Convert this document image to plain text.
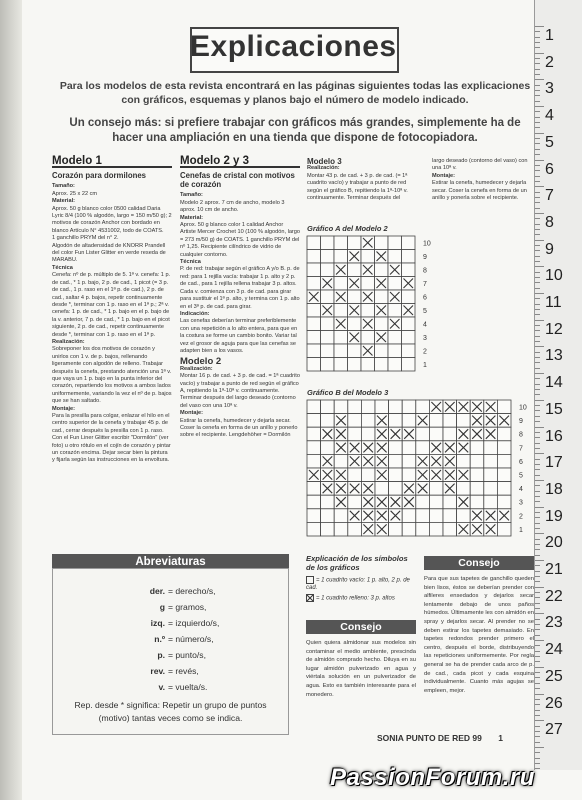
1
2
3
4
5
6
7
8
9
10
11
12
13
14
15
16
17
18
19
20
21
22
23
24
25
26
27
Explicaciones
Para los modelos de esta revista encontrará en las páginas siguientes todas las explicaciones con gráficos, esquemas y planos bajo el número de modelo indicado.
Un consejo más: si prefiere trabajar con gráficos más grandes, simplemente ha de hacer una ampliación en una tienda que dispone de fotocopiadora.
Modelo 1
Corazón para dormilones
Tamaño:
Aprox. 25 x 22 cm
Material:
Aprox. 50 g blanco color 0500 calidad Daria Lyric 8/4 (100 % algodón, largo = 150 m/50 g); 2 motivos de corazón Anchor con bordado en blanco Artículo N° 4531002, todo de COATS.
1 ganchillo PRYM del n° 2.
Algodón de altadensidad de KNORR Prandell del color Fun Lister Glitter en verde reseda de MARABU.
Técnica
Cenefa: nº de p. múltiplo de 5. 1ª v. cenefa: 1 p. de cad., * 1 p. bajo, 2 p. de cad., 1 picot (= 3 p. de cad., 1 p. raso en el 1ª p. de cad.), 2 p. de cad., saltar 4 p. bajos, repetir continuamente desde *, terminar con 1 p. raso en el 1ª p.; 2ª v. cenefa: 1 p. de cad., * 1 p. bajo en el p. bajo de la v. anterior, 7 p. de cad., * 1 p. bajo en el picot siguiente, 2 p. de cad., repetir continuamente desde *, terminar con 1 p. raso en el 1ª p.
Realización:
Sobreponer los dos motivos de corazón y unirlos con 1 v. de p. bajos, rellenando ligeramente con algodón de relleno. Trabajar después la cenefa, prestando atención una 1ª v. que vaya un 1 p. bajo en la punta inferior del corazón, repartiendo los motivos a ambos lados uniformemente, variando la vez el nº de p. bajos que se han saltado.
Montaje:
Para la presilla para colgar, enlazar el hilo en el centro superior de la cenefa y trabajar 45 p. de cad., cerrar después la presilla con 1 p. raso. Con el Fun Liner Glitter escribir "Dormilón" (ver foto) u otro rótulo en el cojín de corazón y pintar un corazón encima. Dejar secar bien la pintura y fijarla según las instrucciones en la envoltura.
Modelo 2 y 3
Cenefas de cristal con motivos de corazón
Tamaño:
Modelo 2 aprox. 7 cm de ancho, modelo 3 aprox. 10 cm de ancho.
Material:
Aprox. 50 g blanco color 1 calidad Anchor Artiste Mercer Crochet 10 (100 % algodón, largo = 273 m/50 g) de COATS. 1 ganchillo PRYM del nº 1,25. Recipiente cilíndrico de vidrio de cualquier contorno.
Técnica
P. de red: trabajar según el gráfico A y/o B. p. de red: para 1 rejilla vacía: trabajar 1 p. alto y 2 p. de cad., para 1 rejilla rellena trabajar 3 p. altos. Cada v. comienza con 3 p. de cad. para girar para sustituir el 1ª p. alto, y termina con 1 p. alto en el 3ª p. de cad. para girar.
Indicación:
Las cenefas deberían terminar preferiblemente con una repetición a lo alto entera, para que en la costura se forme un cambio bonito. Variar tal vez el grosor de aguja para que las cenefas se adapten bien a los vasos.
Modelo 2
Realización:
Montar 16 p. de cad. + 3 p. de cad. = 1ª cuadrito vacío) y trabajar a punto de red según el gráfico A, repitiendo la 1ª-10ª v. continuamente. Terminar después del largo deseado (contorno del vaso con una 10ª v.
Montaje:
Estirar la cenefa, humedecer y dejarla secar. Coser la cenefa en forma de un anillo y ponerlo sobre el recipiente. Lengdehöher = Dormilón
Modelo 3
Realización:
Montar 43 p. de cad. + 3 p. de cad. (= 1ª cuadrito vacío) y trabajar a punto de red según el gráfico B, repitiendo la 1ª-10ª v. continuamente. Terminar después del
largo deseado (contorno del vaso) con una 10ª v.
Montaje:
Estirar la cenefa, humedecer y dejarla secar. Coser la cenefa en forma de un anillo y ponerla sobre el recipiente.
Gráfico A del Modelo 2
10
9
8
7
6
5
4
3
2
1
Gráfico B del Modelo 3
10
9
8
7
6
5
4
3
2
1
Abreviaturas
Rep. desde * significa: Repetir un grupo de puntos (motivo) tantas veces como se indica.
der. = derecho/s,
g = gramos,
izq. = izquierdo/s,
n.º = número/s,
p. = punto/s,
rev. = revés,
v. = vuelta/s.
Explicación de los símbolos de los gráficos
= 1 cuadrito vacío: 1 p. alto, 2 p. de cad.
= 1 cuadrito relleno: 3 p. altos
Consejo
Quien quiera almidonar sus modelos sin contaminar el medio ambiente, prescinda de almidón comprado hecho. Diluya en su lugar almidón pulverizado en agua y viértala solución en un pulverizador de agua. Esto es también interesante para el monedero.
Consejo
Para que sus tapetes de ganchillo queden bien lisos, éstos se deberían prender con alfileres ensedados y dejarlos secar lentamente debajo de unos paños húmedos. Últimamente les con almidón en spray y dejarlos secar. Al prender no se deben estirar los tapetes demasiado. En tapetes redondos prender primero el centro, después el borde, distribuyendo las repeticiones uniformemente. Por regla general se ha de prender cada arco de p. de cad., cada picot y cada esquina individualmente. Cuanto más agujas se empleen, mejor.
SONIA PUNTO DE RED 99 1
PassionForum.ru
